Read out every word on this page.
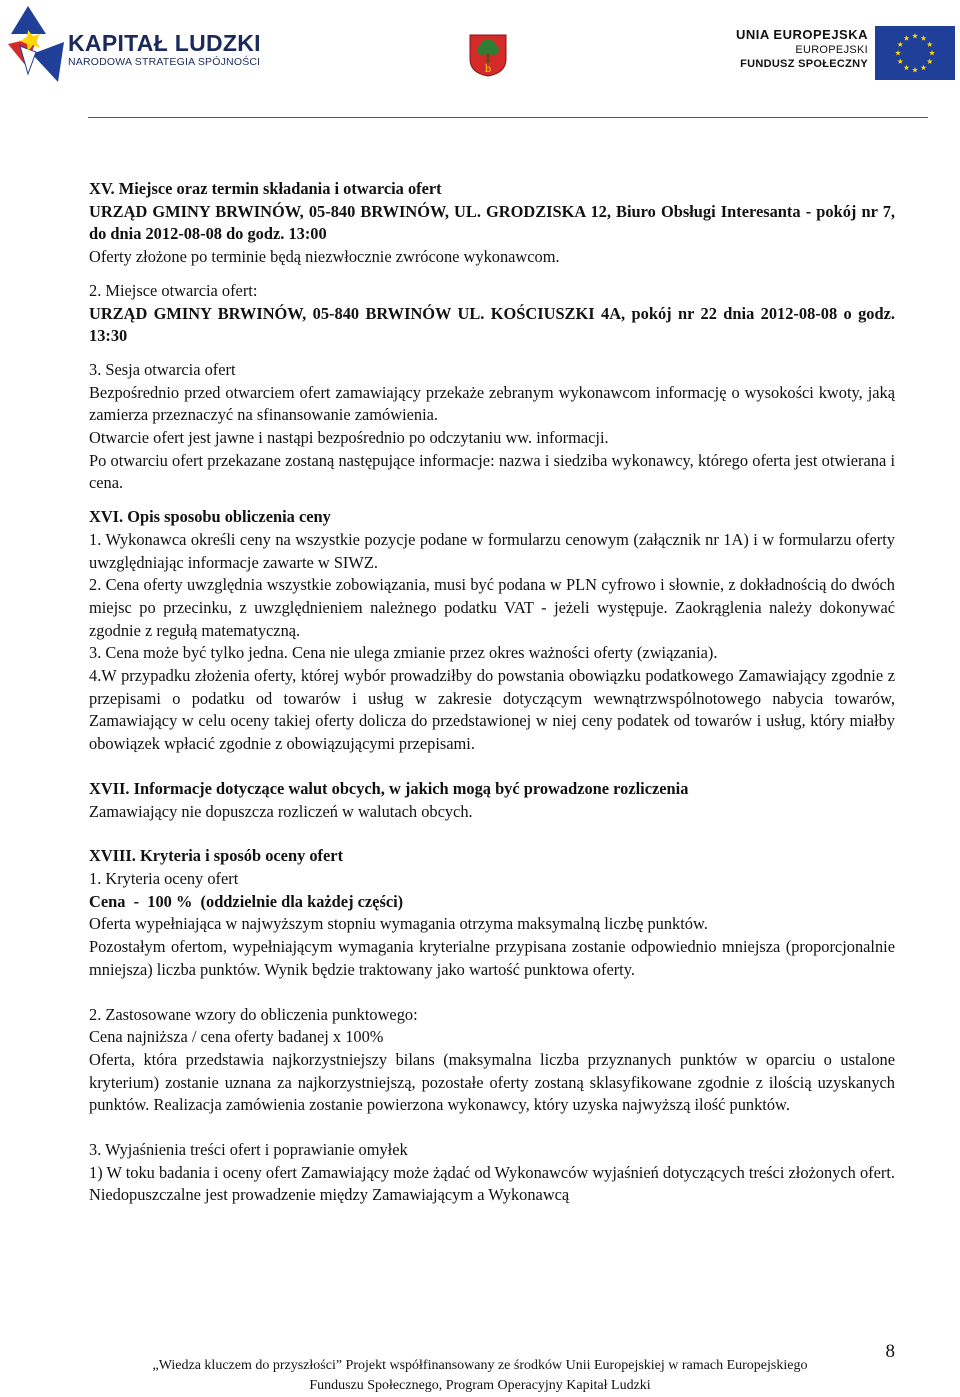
KAPITAŁ LUDZKI
NARODOWA STRATEGIA SPÓJNOŚCI
b
UNIA EUROPEJSKA
EUROPEJSKI
FUNDUSZ SPOŁECZNY

XV. Miejsce oraz termin składania i otwarcia ofert

URZĄD GMINY BRWINÓW, 05-840 BRWINÓW, UL. GRODZISKA 12, Biuro Obsługi Interesanta - pokój nr 7, do dnia 2012-08-08 do godz. 13:00

Oferty złożone po terminie będą niezwłocznie zwrócone wykonawcom.

2. Miejsce otwarcia ofert:

URZĄD GMINY BRWINÓW, 05-840 BRWINÓW UL. KOŚCIUSZKI 4A, pokój nr 22 dnia 2012-08-08 o godz. 13:30

3. Sesja otwarcia ofert

Bezpośrednio przed otwarciem ofert zamawiający przekaże zebranym wykonawcom informację o wysokości kwoty, jaką zamierza przeznaczyć na sfinansowanie zamówienia.

Otwarcie ofert jest jawne i nastąpi bezpośrednio po odczytaniu ww. informacji.

Po otwarciu ofert przekazane zostaną następujące informacje: nazwa i siedziba wykonawcy, którego oferta jest otwierana i cena.

XVI. Opis sposobu obliczenia ceny

1. Wykonawca określi ceny na wszystkie pozycje podane w formularzu cenowym (załącznik nr 1A) i w formularzu oferty uwzględniając informacje zawarte w SIWZ.

2. Cena oferty uwzględnia wszystkie zobowiązania, musi być podana w PLN cyfrowo i słownie, z dokładnością do dwóch miejsc po przecinku, z uwzględnieniem należnego podatku VAT - jeżeli występuje. Zaokrąglenia należy dokonywać zgodnie z regułą matematyczną.

3. Cena może być tylko jedna. Cena nie ulega zmianie przez okres ważności oferty (związania).

4.W przypadku złożenia oferty, której wybór prowadziłby do powstania obowiązku podatkowego Zamawiający zgodnie z przepisami o podatku od towarów i usług w zakresie dotyczącym wewnątrzwspólnotowego nabycia towarów, Zamawiający w celu oceny takiej oferty dolicza do przedstawionej w niej ceny podatek od towarów i usług, który miałby obowiązek wpłacić zgodnie z obowiązującymi przepisami.

XVII. Informacje dotyczące walut obcych, w jakich mogą być prowadzone rozliczenia

Zamawiający nie dopuszcza rozliczeń w walutach obcych.

XVIII. Kryteria i sposób oceny ofert

1. Kryteria oceny ofert

Cena  -  100 %  (oddzielnie dla każdej części)

Oferta wypełniająca w najwyższym stopniu wymagania otrzyma maksymalną liczbę punktów.

Pozostałym ofertom, wypełniającym wymagania kryterialne przypisana zostanie odpowiednio mniejsza (proporcjonalnie mniejsza) liczba punktów. Wynik będzie traktowany jako wartość punktowa oferty.

2. Zastosowane wzory do obliczenia punktowego:

Cena najniższa / cena oferty badanej x 100%

Oferta, która przedstawia najkorzystniejszy bilans (maksymalna liczba przyznanych punktów w oparciu o ustalone kryterium) zostanie uznana za najkorzystniejszą, pozostałe oferty zostaną sklasyfikowane zgodnie z ilością uzyskanych punktów. Realizacja zamówienia zostanie powierzona wykonawcy, który uzyska najwyższą ilość punktów.

3. Wyjaśnienia treści ofert i poprawianie omyłek

1) W toku badania i oceny ofert Zamawiający może żądać od Wykonawców wyjaśnień dotyczących treści złożonych ofert. Niedopuszczalne jest prowadzenie między Zamawiającym a Wykonawcą

8
„Wiedza kluczem do przyszłości” Projekt współfinansowany ze środków Unii Europejskiej w ramach Europejskiego
Funduszu Społecznego, Program Operacyjny Kapitał Ludzki
